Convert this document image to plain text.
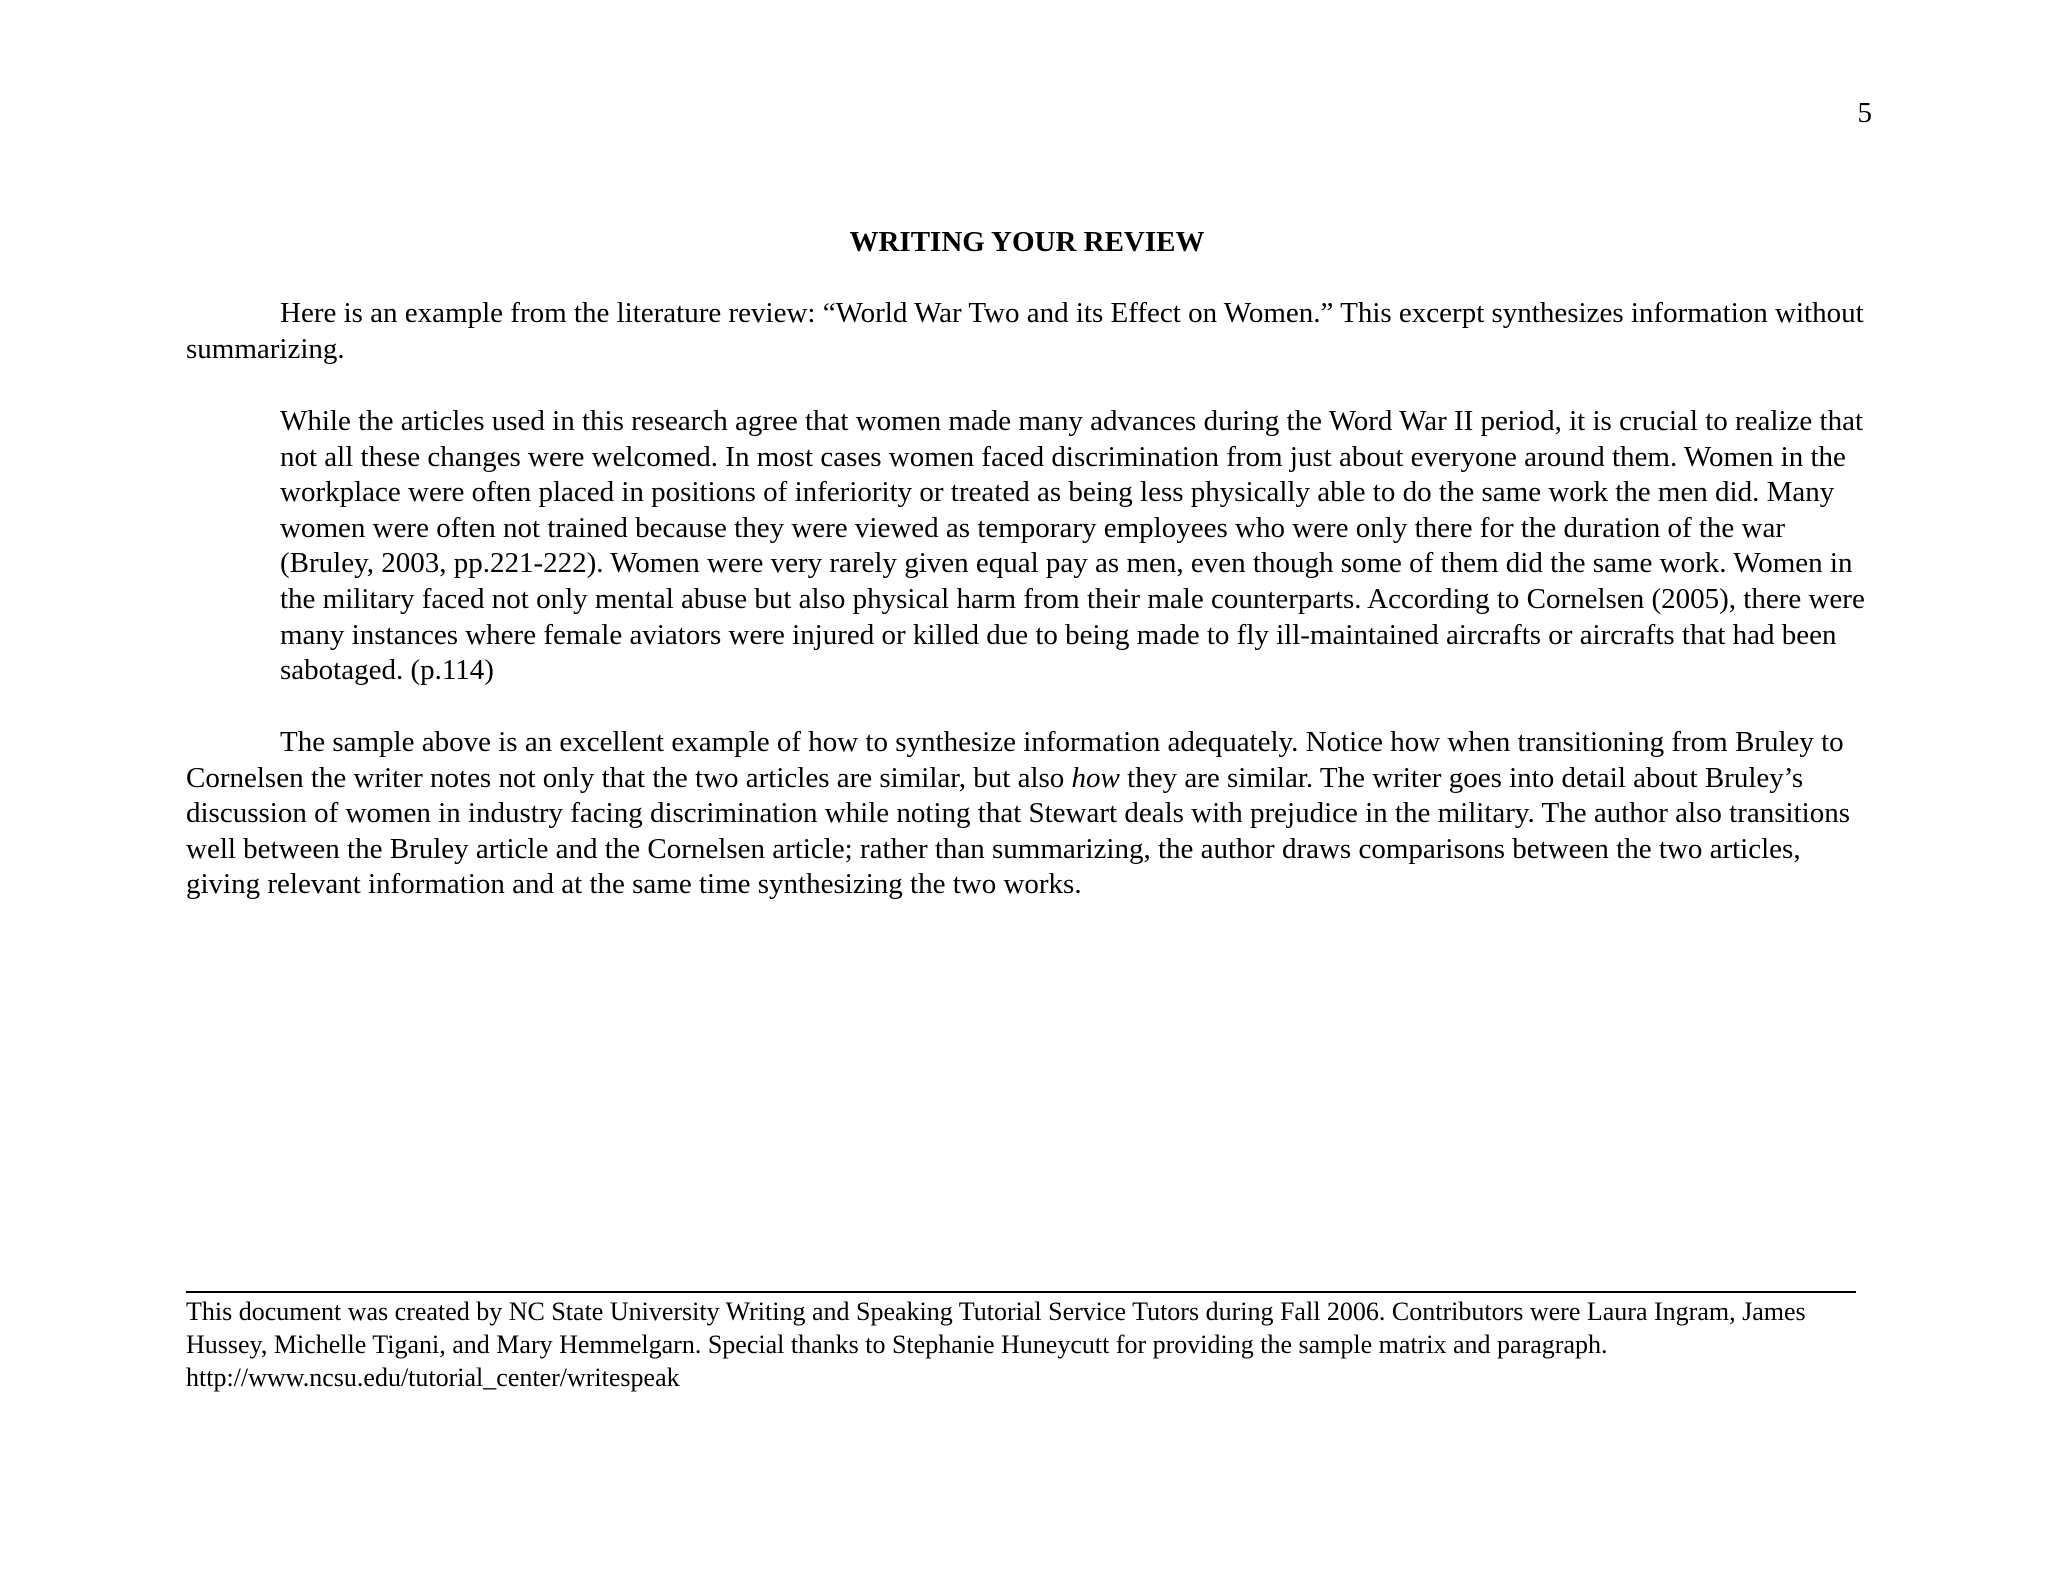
5
WRITING YOUR REVIEW

Here is an example from the literature review: “World War Two and its Effect on Women.” This excerpt synthesizes information without summarizing.

While the articles used in this research agree that women made many advances during the Word War II period, it is crucial to realize that not all these changes were welcomed. In most cases women faced discrimination from just about everyone around them. Women in the workplace were often placed in positions of inferiority or treated as being less physically able to do the same work the men did. Many women were often not trained because they were viewed as temporary employees who were only there for the duration of the war (Bruley, 2003, pp.221-222). Women were very rarely given equal pay as men, even though some of them did the same work. Women in the military faced not only mental abuse but also physical harm from their male counterparts. According to Cornelsen (2005), there were many instances where female aviators were injured or killed due to being made to fly ill-maintained aircrafts or aircrafts that had been sabotaged. (p.114)

The sample above is an excellent example of how to synthesize information adequately. Notice how when transitioning from Bruley to Cornelsen the writer notes not only that the two articles are similar, but also how they are similar. The writer goes into detail about Bruley’s discussion of women in industry facing discrimination while noting that Stewart deals with prejudice in the military. The author also transitions well between the Bruley article and the Cornelsen article; rather than summarizing, the author draws comparisons between the two articles, giving relevant information and at the same time synthesizing the two works.

This document was created by NC State University Writing and Speaking Tutorial Service Tutors during Fall 2006. Contributors were Laura Ingram, James Hussey, Michelle Tigani, and Mary Hemmelgarn. Special thanks to Stephanie Huneycutt for providing the sample matrix and paragraph. http://www.ncsu.edu/tutorial_center/writespeak
